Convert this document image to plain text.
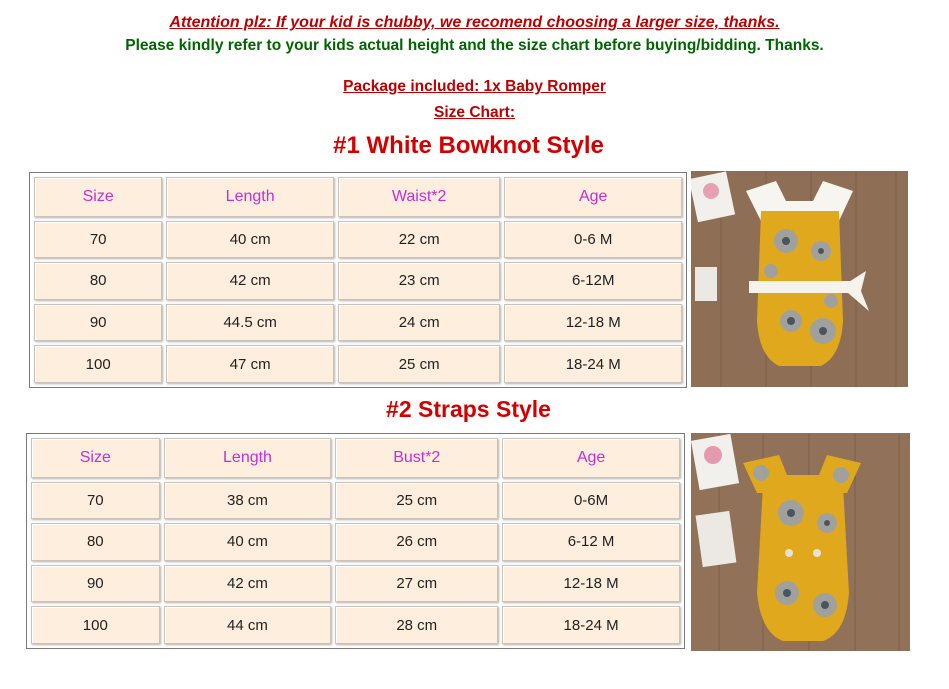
Attention plz: If your kid is chubby, we recomend choosing a larger size, thanks.

Please kindly refer to your kids actual height and the size chart before buying/bidding. Thanks.

Package included: 1x Baby Romper

Size Chart:

#1 White Bowknot Style

Size	Length	Waist*2	Age
70	40 cm	22 cm	0-6 M
80	42 cm	23 cm	6-12M
90	44.5 cm	24 cm	12-18 M
100	47 cm	25 cm	18-24 M

#2 Straps Style

Size	Length	Bust*2	Age
70	38 cm	25 cm	0-6M
80	40 cm	26 cm	6-12 M
90	42 cm	27 cm	12-18 M
100	44 cm	28 cm	18-24 M
